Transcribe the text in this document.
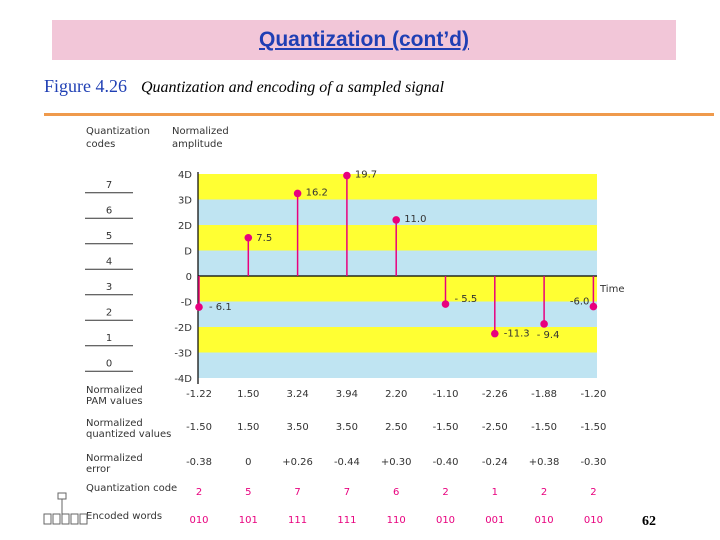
Quantization (cont’d)
Figure 4.26 Quantization and encoding of a sampled signal
Quantization
codes
Normalized
amplitude
-4D
-3D
-2D
-D
0
D
2D
3D
4D
0
1
2
3
4
5
6
7
Time
- 6.1
7.5
16.2
19.7
11.0
- 5.5
-11.3 - 9.4
-6.0
Normalized
PAM values
-1.22	1.50	3.24	3.94	2.20	-1.10 -2.26 -1.88 -1.20
Normalized
quantized values
-1.50	1.50	3.50	3.50	2.50	-1.50 -2.50 -1.50 -1.50
Normalized
error
-0.38	0	+0.26 -0.44 +0.30 -0.40 -0.24 +0.38 -0.30
Quantization code 2	5	7	7	6	2	1	2	2
Encoded words	010	101	111	111	110	010	001	010	010	62
